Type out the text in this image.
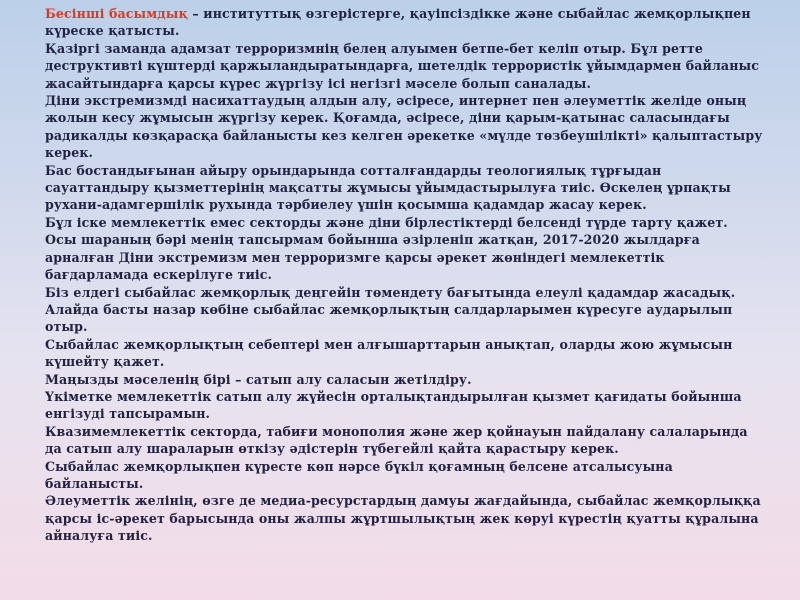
Бесінші басымдық – институттық өзгерістерге, қауіпсіздікке және сыбайлас жемқорлықпен күреске қатысты.

Қазіргі заманда адамзат терроризмнің белең алуымен бетпе-бет келіп отыр. Бұл ретте деструктивті күштерді қаржыландыратындарға, шетелдік террористік ұйымдармен байланыс жасайтындарға қарсы күрес жүргізу ісі негізгі мәселе болып саналады.

Діни экстремизмді насихаттаудың алдын алу, әсіресе, интернет пен әлеуметтік желіде оның жолын кесу жұмысын жүргізу керек. Қоғамда, әсіресе, діни қарым-қатынас саласындағы радикалды көзқарасқа байланысты кез келген әрекетке «мүлде төзбеушілікті» қалыптастыру керек.

Бас бостандығынан айыру орындарында сотталғандарды теологиялық тұрғыдан сауаттандыру қызметтерінің мақсатты жұмысы ұйымдастырылуға тиіс. Өскелең ұрпақты рухани-адамгершілік рухында тәрбиелеу үшін қосымша қадамдар жасау керек.

Бұл іске мемлекеттік емес секторды және діни бірлестіктерді белсенді түрде тарту қажет.

Осы шараның бәрі менің тапсырмам бойынша әзірленіп жатқан, 2017-2020 жылдарға арналған Діни экстремизм мен терроризмге қарсы әрекет жөніндегі мемлекеттік бағдарламада ескерілуге тиіс.

Біз елдегі сыбайлас жемқорлық деңгейін төмендету бағытында елеулі қадамдар жасадық. Алайда басты назар көбіне сыбайлас жемқорлықтың салдарларымен күресуге аударылып отыр.

Сыбайлас жемқорлықтың себептері мен алғышарттарын анықтап, оларды жою жұмысын күшейту қажет.

Маңызды мәселенің бірі – сатып алу саласын жетілдіру.

Үкіметке мемлекеттік сатып алу жүйесін орталықтандырылған қызмет қағидаты бойынша енгізуді тапсырамын.

Квазимемлекеттік секторда, табиғи монополия және жер қойнауын пайдалану салаларында да сатып алу шараларын өткізу әдістерін түбегейлі қайта қарастыру керек.

Сыбайлас жемқорлықпен күресте көп нәрсе бүкіл қоғамның белсене атсалысуына байланысты.

Әлеуметтік желінің, өзге де медиа-ресурстардың дамуы жағдайында, сыбайлас жемқорлыққа қарсы іс-әрекет барысында оны жалпы жұртшылықтың жек көруі күрестің қуатты құралына айналуға тиіс.
